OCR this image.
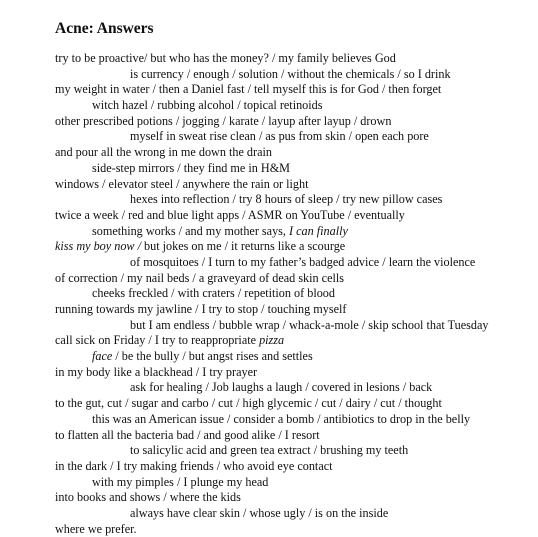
Acne: Answers
try to be proactive/ but who has the money? / my family believes God
is currency / enough / solution / without the chemicals / so I drink
my weight in water / then a Daniel fast / tell myself this is for God / then forget
witch hazel / rubbing alcohol / topical retinoids
other prescribed potions / jogging / karate / layup after layup / drown
myself in sweat rise clean / as pus from skin / open each pore
and pour all the wrong in me down the drain
side-step mirrors / they find me in H&M
windows / elevator steel / anywhere the rain or light
hexes into reflection / try 8 hours of sleep / try new pillow cases
twice a week / red and blue light apps / ASMR on YouTube / eventually
something works / and my mother says, I can finally
kiss my boy now / but jokes on me / it returns like a scourge
of mosquitoes / I turn to my father’s badged advice / learn the violence
of correction / my nail beds / a graveyard of dead skin cells
cheeks freckled / with craters / repetition of blood
running towards my jawline / I try to stop / touching myself
but I am endless / bubble wrap / whack-a-mole / skip school that Tuesday
call sick on Friday / I try to reappropriate pizza
face / be the bully / but angst rises and settles
in my body like a blackhead / I try prayer
ask for healing / Job laughs a laugh / covered in lesions / back
to the gut, cut / sugar and carbo / cut / high glycemic / cut / dairy / cut / thought
this was an American issue / consider a bomb / antibiotics to drop in the belly
to flatten all the bacteria bad / and good alike / I resort
to salicylic acid and green tea extract / brushing my teeth
in the dark / I try making friends / who avoid eye contact
with my pimples / I plunge my head
into books and shows / where the kids
always have clear skin / whose ugly / is on the inside
where we prefer.
